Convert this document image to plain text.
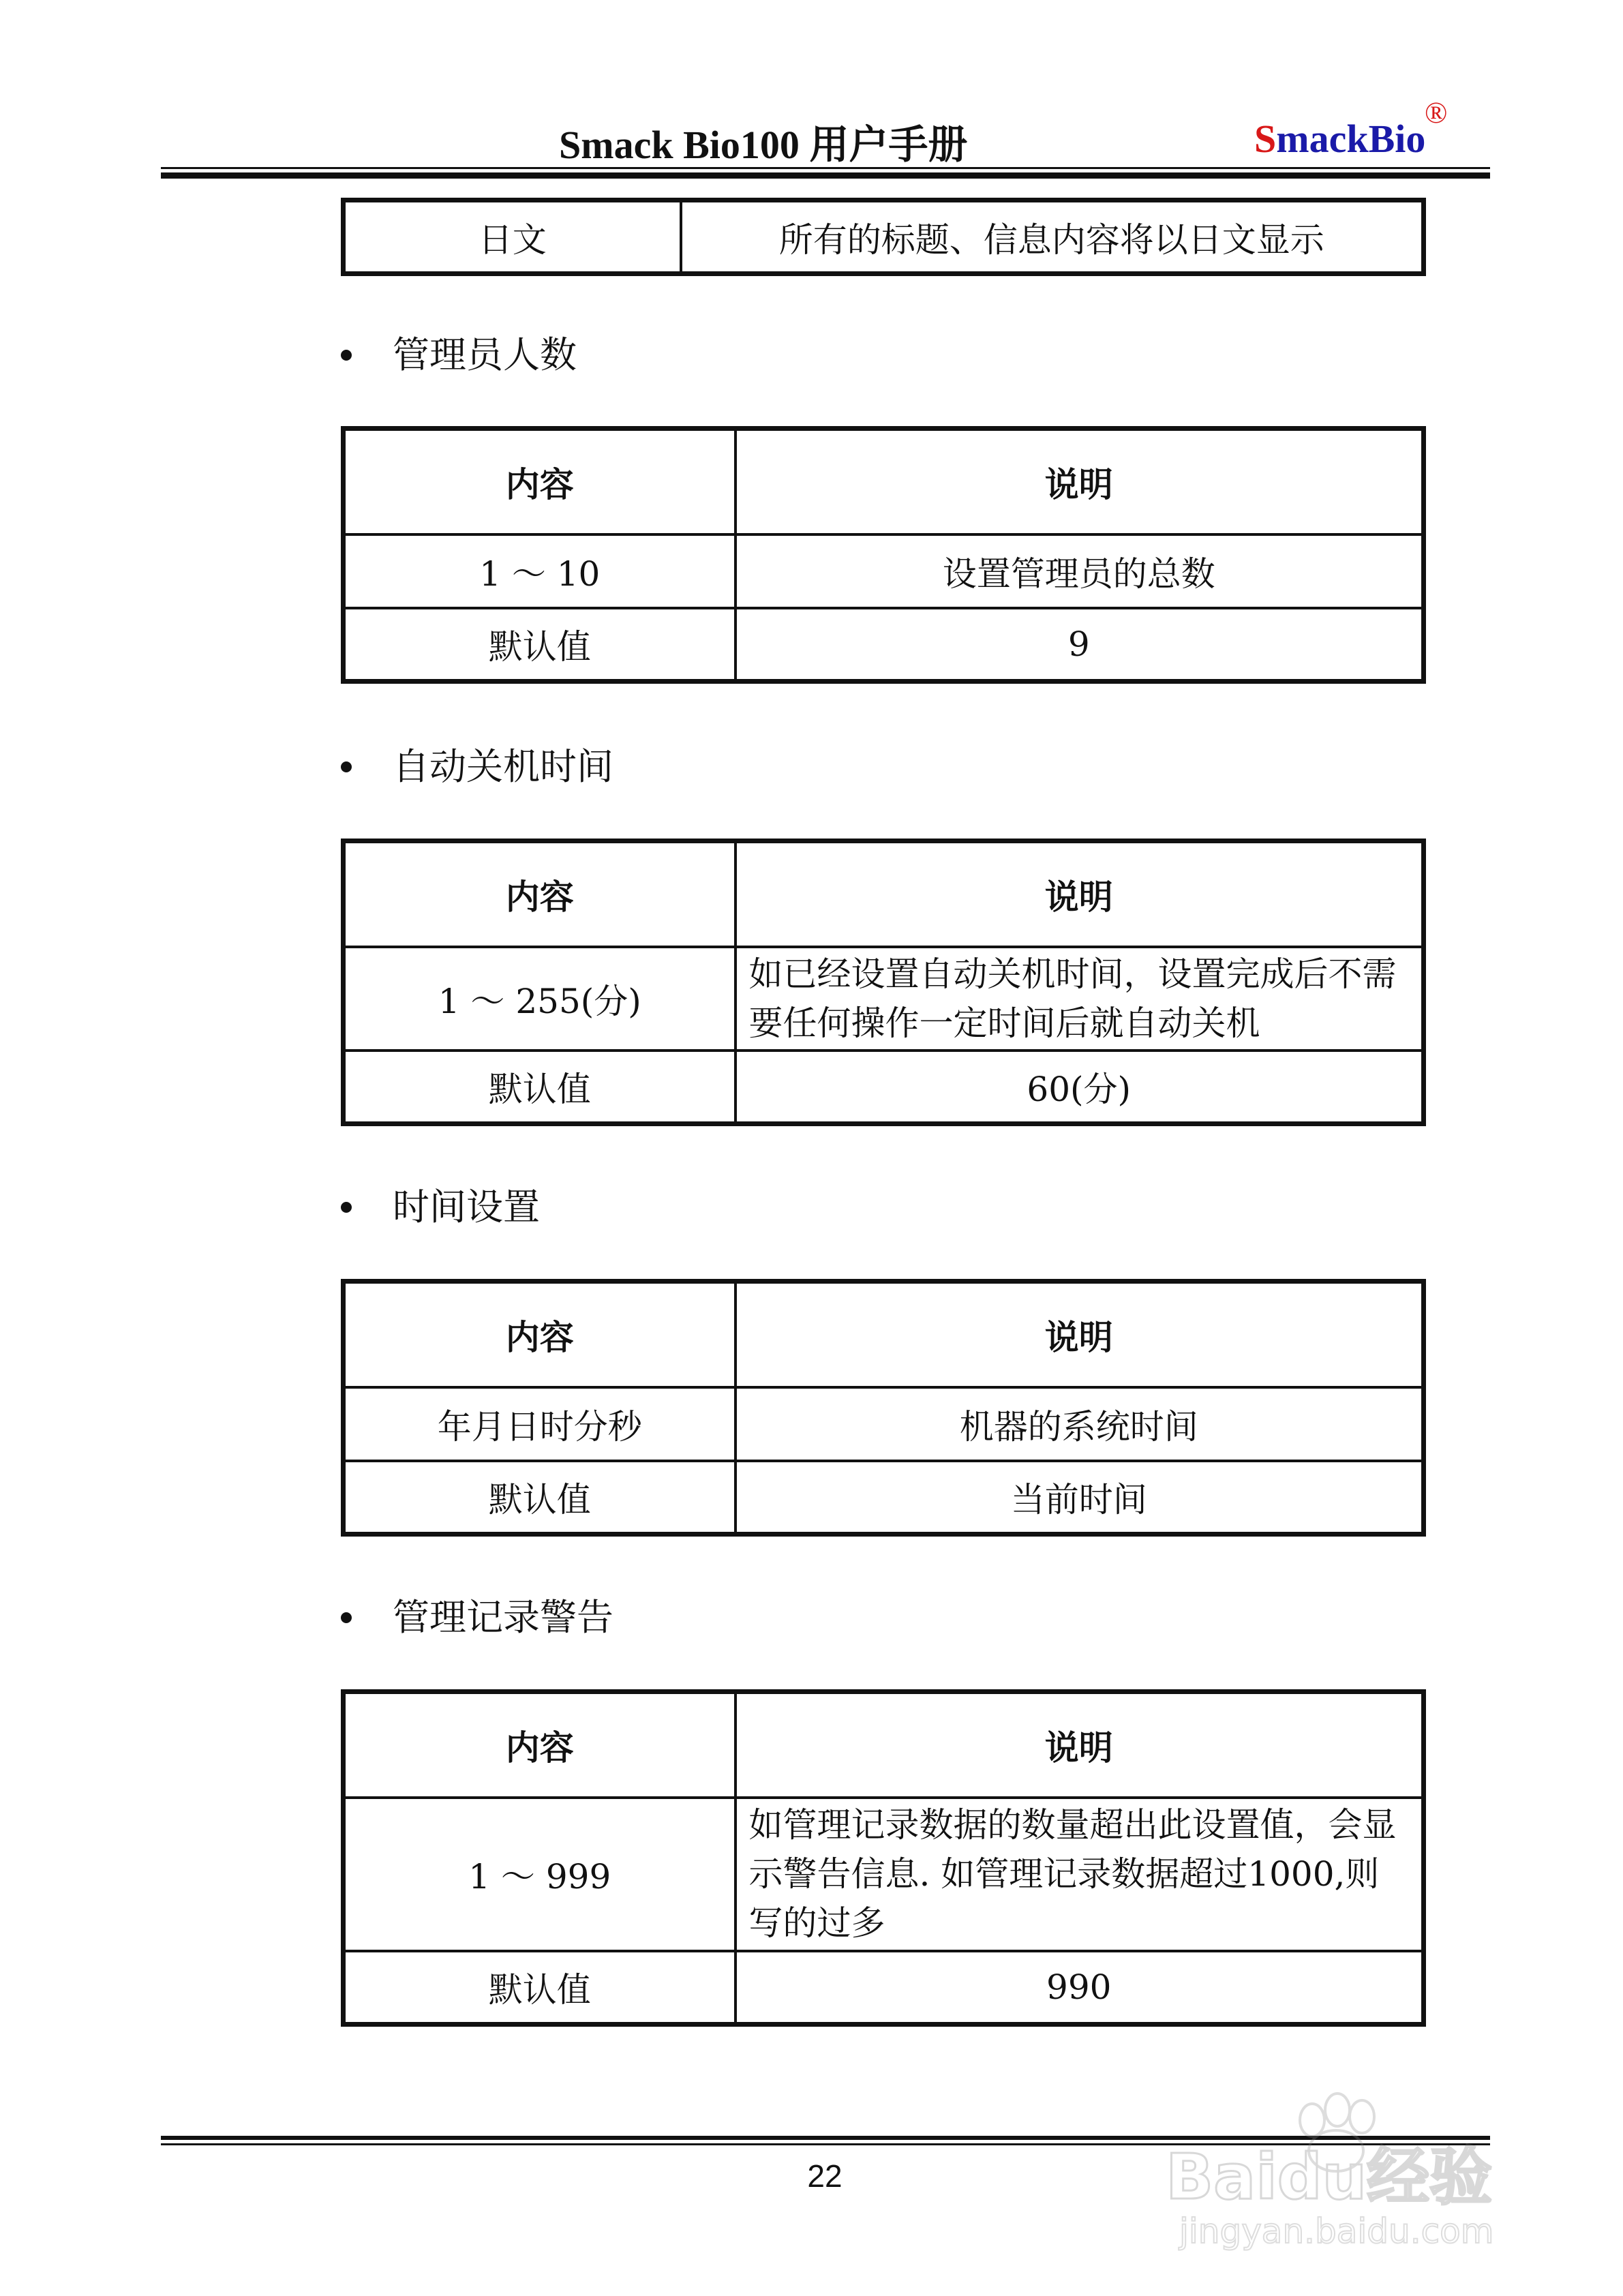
Smack Bio100 用户手册	SmackBio
®
日文	所有的标题、信息内容将以日文显示
管理员人数
内容	说明
1 ～ 10	设置管理员的总数
默认值	9
自动关机时间
内容	说明
1 ～ 255(分)	如已经设置自动关机时间，设置完成后不需要任何操作一定时间后就自动关机
默认值	60(分)
时间设置
内容	说明
年月日时分秒	机器的系统时间
默认值	当前时间
管理记录警告
内容	说明
1 ～ 999	如管理记录数据的数量超出此设置值，会显示警告信息. 如管理记录数据超过1000,则写的过多
默认值	990
22	Baidu经验
jingyan.baidu.com
